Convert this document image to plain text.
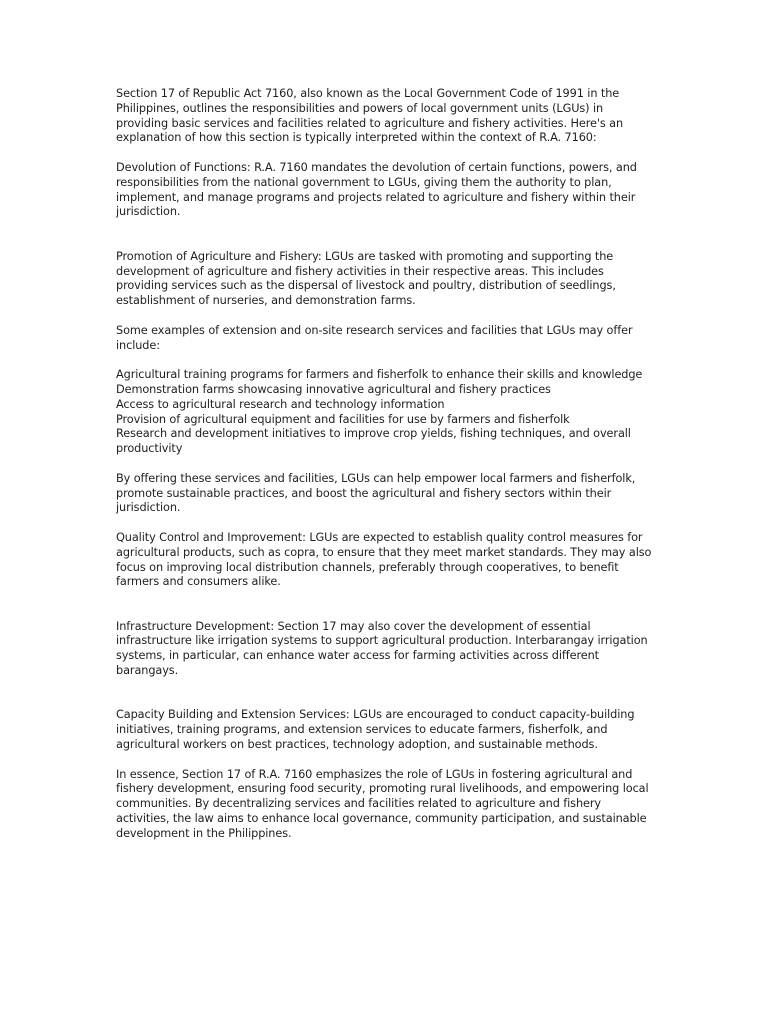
Section 17 of Republic Act 7160, also known as the Local Government Code of 1991 in the Philippines, outlines the responsibilities and powers of local government units (LGUs) in providing basic services and facilities related to agriculture and fishery activities. Here's an explanation of how this section is typically interpreted within the context of R.A. 7160:

Devolution of Functions: R.A. 7160 mandates the devolution of certain functions, powers, and responsibilities from the national government to LGUs, giving them the authority to plan, implement, and manage programs and projects related to agriculture and fishery within their jurisdiction.

Promotion of Agriculture and Fishery: LGUs are tasked with promoting and supporting the development of agriculture and fishery activities in their respective areas. This includes providing services such as the dispersal of livestock and poultry, distribution of seedlings, establishment of nurseries, and demonstration farms.

Some examples of extension and on-site research services and facilities that LGUs may offer include:

Agricultural training programs for farmers and fisherfolk to enhance their skills and knowledge

Demonstration farms showcasing innovative agricultural and fishery practices

Access to agricultural research and technology information

Provision of agricultural equipment and facilities for use by farmers and fisherfolk

Research and development initiatives to improve crop yields, fishing techniques, and overall productivity

By offering these services and facilities, LGUs can help empower local farmers and fisherfolk, promote sustainable practices, and boost the agricultural and fishery sectors within their jurisdiction.

Quality Control and Improvement: LGUs are expected to establish quality control measures for agricultural products, such as copra, to ensure that they meet market standards. They may also focus on improving local distribution channels, preferably through cooperatives, to benefit farmers and consumers alike.

Infrastructure Development: Section 17 may also cover the development of essential infrastructure like irrigation systems to support agricultural production. Interbarangay irrigation systems, in particular, can enhance water access for farming activities across different barangays.

Capacity Building and Extension Services: LGUs are encouraged to conduct capacity-building initiatives, training programs, and extension services to educate farmers, fisherfolk, and agricultural workers on best practices, technology adoption, and sustainable methods.

In essence, Section 17 of R.A. 7160 emphasizes the role of LGUs in fostering agricultural and fishery development, ensuring food security, promoting rural livelihoods, and empowering local communities. By decentralizing services and facilities related to agriculture and fishery activities, the law aims to enhance local governance, community participation, and sustainable development in the Philippines.
